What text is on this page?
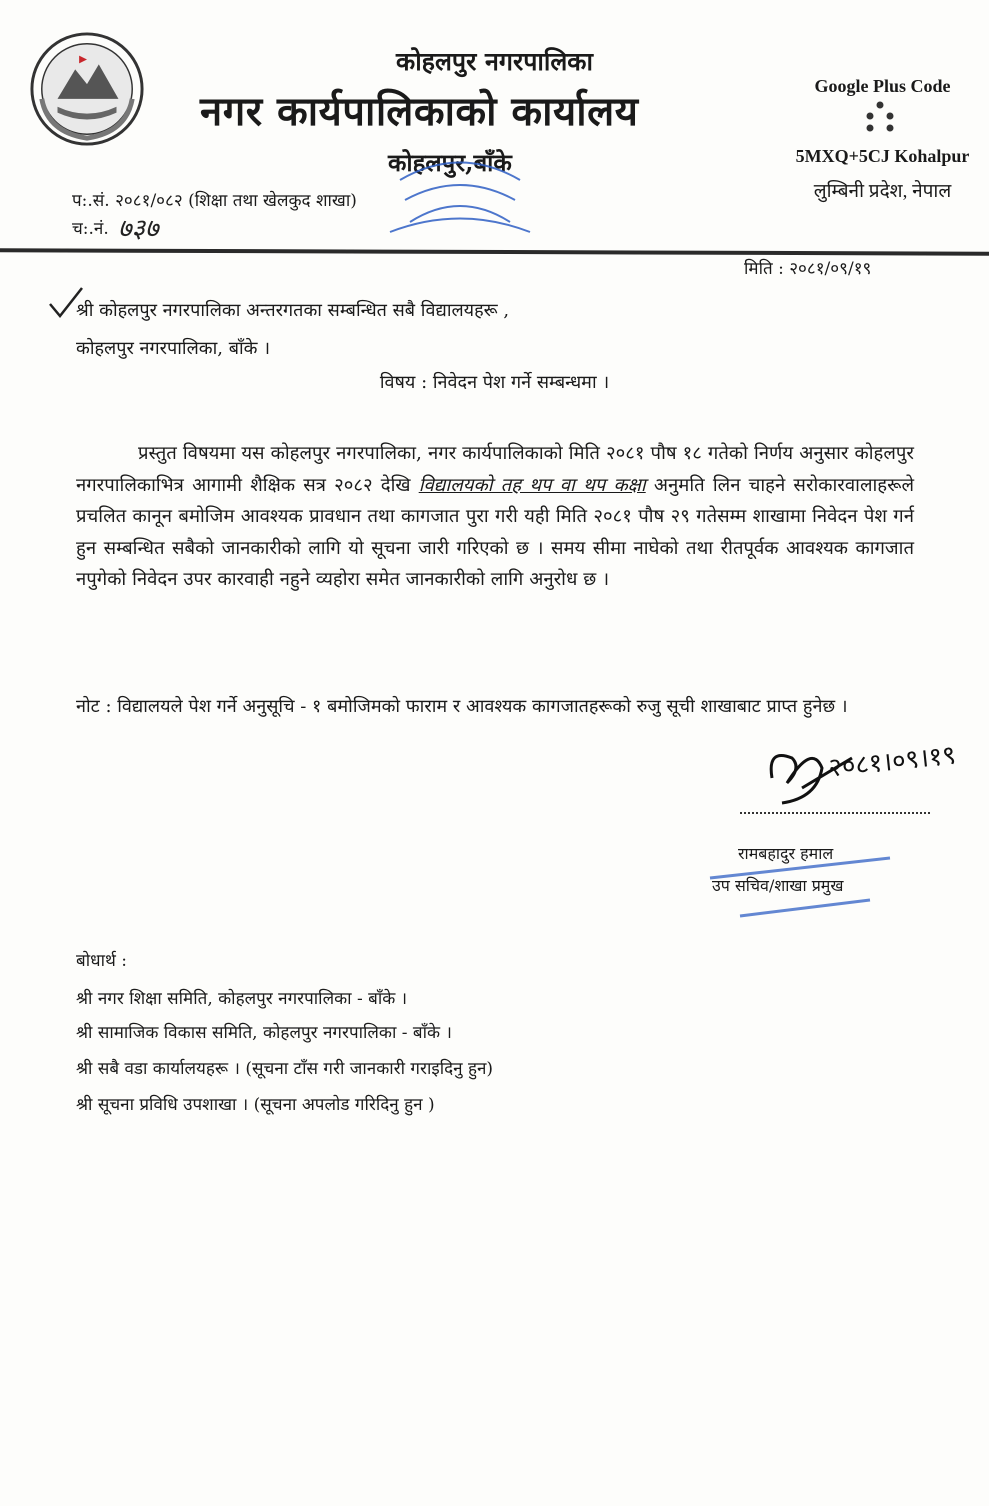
कोहलपुर नगरपालिका
नगर कार्यपालिकाको कार्यालय
कोहलपुर,बाँके
Google Plus Code
5MXQ+5CJ Kohalpur
लुम्बिनी प्रदेश, नेपाल
प:.सं. २०८१/०८२ (शिक्षा तथा खेलकुद शाखा)
च:.नं. ७३७
मिति : २०८१/०९/१९
श्री कोहलपुर नगरपालिका अन्तरगतका सम्बन्धित सबै विद्यालयहरू ,
कोहलपुर नगरपालिका, बाँके ।
विषय : निवेदन पेश गर्ने सम्बन्धमा ।

प्रस्तुत विषयमा यस कोहलपुर नगरपालिका, नगर कार्यपालिकाको मिति २०८१ पौष १८ गतेको निर्णय अनुसार कोहलपुर नगरपालिकाभित्र आगामी शैक्षिक सत्र २०८२ देखि विद्यालयको तह थप वा थप कक्षा अनुमति लिन चाहने सरोकारवालाहरूले प्रचलित कानून बमोजिम आवश्यक प्रावधान तथा कागजात पुरा गरी यही मिति २०८१ पौष २९ गतेसम्म शाखामा निवेदन पेश गर्न हुन सम्बन्धित सबैको जानकारीको लागि यो सूचना जारी गरिएको छ । समय सीमा नाघेको तथा रीतपूर्वक आवश्यक कागजात नपुगेको निवेदन उपर कारवाही नहुने व्यहोरा समेत जानकारीको लागि अनुरोध छ ।

नोट : विद्यालयले पेश गर्ने अनुसूचि - १ बमोजिमको फाराम र आवश्यक कागजातहरूको रुजु सूची शाखाबाट प्राप्त हुनेछ ।

२०८१।०९।१९
रामबहादुर हमाल
उप सचिव/शाखा प्रमुख
बोधार्थ :
श्री नगर शिक्षा समिति, कोहलपुर नगरपालिका - बाँके ।
श्री सामाजिक विकास समिति, कोहलपुर नगरपालिका - बाँके ।
श्री सबै वडा कार्यालयहरू । (सूचना टाँस गरी जानकारी गराइदिनु हुन)
श्री सूचना प्रविधि उपशाखा । (सूचना अपलोड गरिदिनु हुन )
